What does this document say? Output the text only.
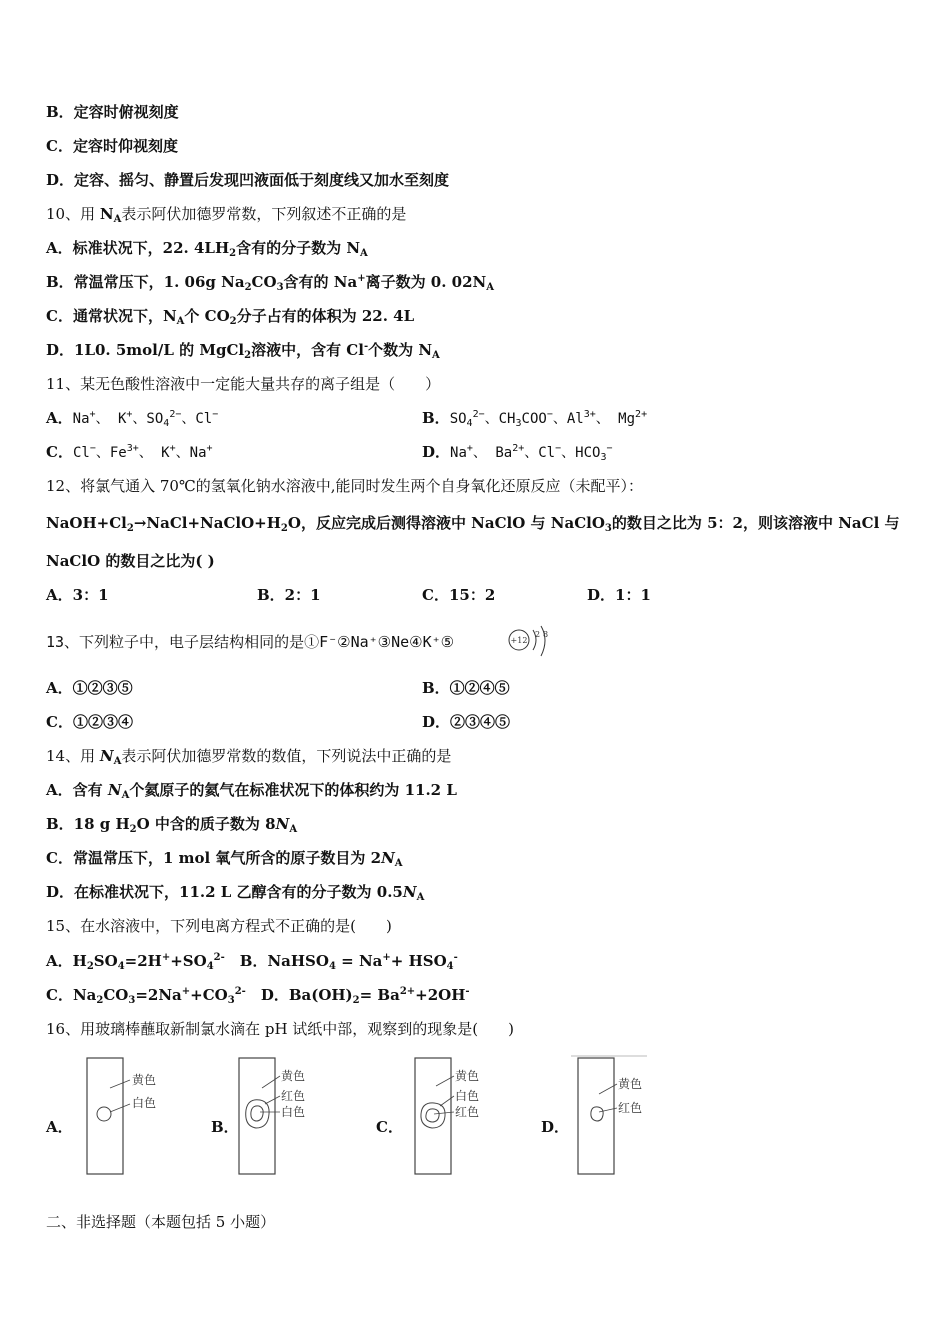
B．定容时俯视刻度
C．定容时仰视刻度
D．定容、摇匀、静置后发现凹液面低于刻度线又加水至刻度
10、用 $N_A$表示阿伏加德罗常数，下列叙述不正确的是
A．标准状况下，22. $4LH_2$含有的分子数为 $N_A$
B．常温常压下，1. 06g $Na_2CO_3$含有的 Na+离子数为 0. $02N_A$
C．通常状况下，$N_A$个 $CO_2$分子占有的体积为 22. 4L
D．1L0. 5mol/L 的 MgCl$_2$溶液中，含有 Cl-个数为 $N_A$
11、某无色酸性溶液中一定能大量共存的离子组是（　　）
A．Na+、 K+、$SO_4^{2-}$、Cl−	B．$SO_4^{2-}$、$CH_3COO^-$、$Al^{3+}$、 $Mg^{2+}$
C．Cl−、$Fe^{3+}$、 K+、Na+	D．Na+、 $Ba^{2+}$、Cl−、$HCO_3^-$
12、将氯气通入 70℃的氢氧化钠水溶液中,能同时发生两个自身氧化还原反应（未配平）：
$NaOH+Cl_2\to NaCl+NaClO+H_2O$，反应完成后测得溶液中 NaClO 与 NaClO$_3$的数目之比为 5：2，则该溶液中 NaCl 与
NaClO 的数目之比为( )
A．3：1	B．2：1	C．15：2	D．1：1
13、下列粒子中，电子层结构相同的是①F⁻②Na⁺③Ne④K⁺⑤	+12
2 8
A．①②③⑤	B．①②④⑤
C．①②③④	D．②③④⑤
14、用 $N_A$表示阿伏加德罗常数的数值，下列说法中正确的是
A．含有 $N_A$个氦原子的氦气在标准状况下的体积约为 11.2 L
B．18 g $H_2O$ 中含的质子数为 $8N_A$
C．常温常压下，1 mol 氧气所含的原子数目为 $2N_A$
D．在标准状况下，11.2 L 乙醇含有的分子数为 $0.5N_A$
15、在水溶液中，下列电离方程式不正确的是(　　)
A．$H_2SO_4=2H^++SO_4^{2-}$　B．NaHSO$_4$ = $Na^++ HSO_4^-$
C．$Na_2CO_3=2Na^++CO_3^{2-}$　D．$Ba(OH)_2= Ba^{2+}+2OH^-$
16、用玻璃棒蘸取新制氯水滴在 pH 试纸中部，观察到的现象是(　　)
A．
黄色
白色
B．
黄色
红色
白色
C．
黄色
白色
红色
D．
黄色
红色
二、非选择题（本题包括 5 小题）
